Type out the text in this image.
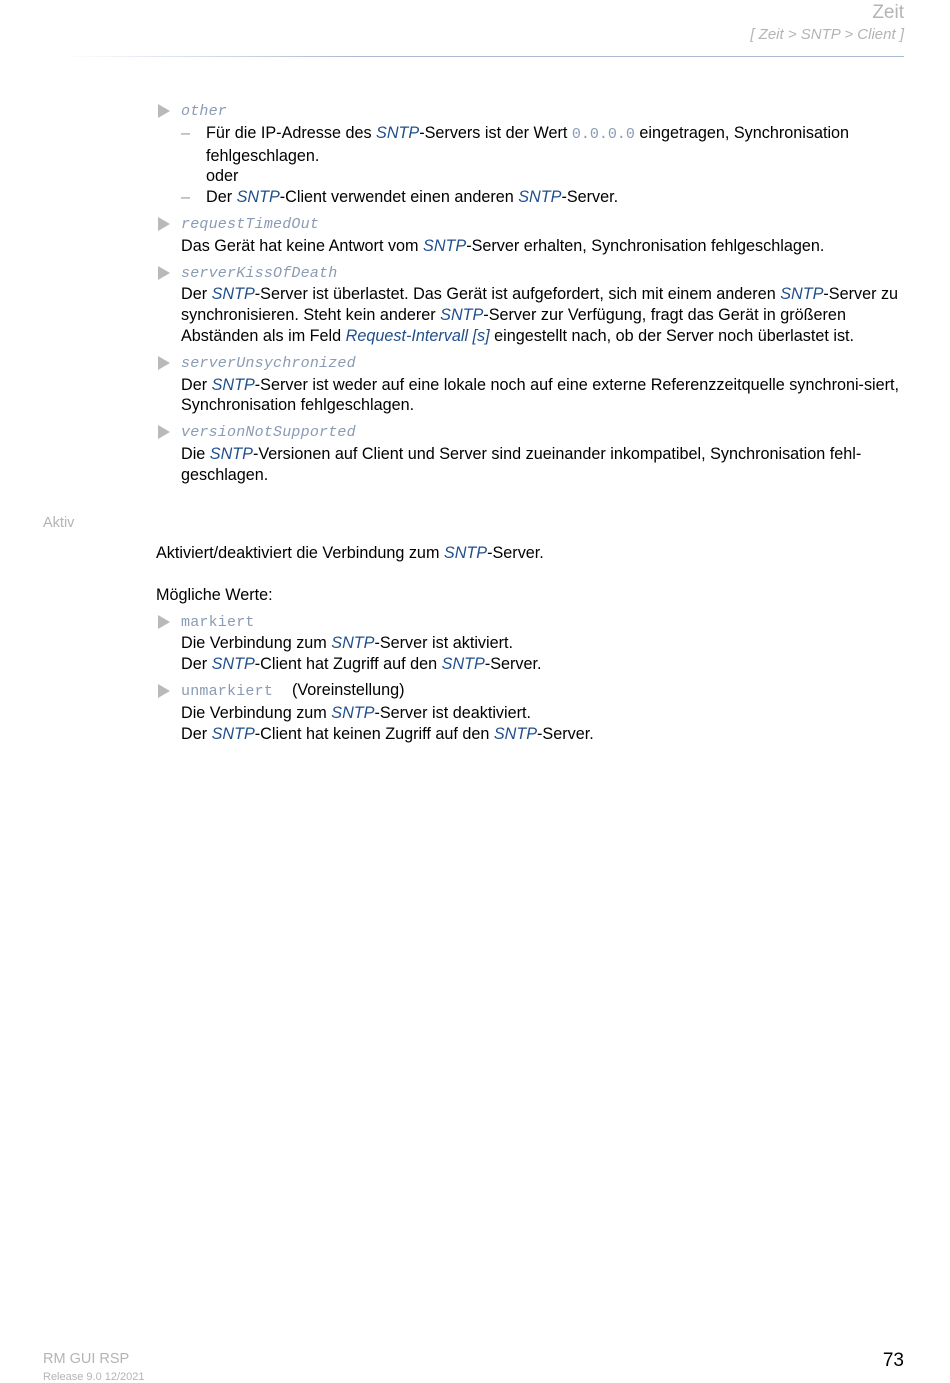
Zeit
[ Zeit > SNTP > Client ]
other
– Für die IP-Adresse des SNTP-Servers ist der Wert 0.0.0.0 eingetragen, Synchronisation fehlgeschlagen.
oder
– Der SNTP-Client verwendet einen anderen SNTP-Server.
requestTimedOut
Das Gerät hat keine Antwort vom SNTP-Server erhalten, Synchronisation fehlgeschlagen.
serverKissOfDeath
Der SNTP-Server ist überlastet. Das Gerät ist aufgefordert, sich mit einem anderen SNTP-Server zu synchronisieren. Steht kein anderer SNTP-Server zur Verfügung, fragt das Gerät in größeren Abständen als im Feld Request-Intervall [s] eingestellt nach, ob der Server noch überlastet ist.
serverUnsychronized
Der SNTP-Server ist weder auf eine lokale noch auf eine externe Referenzzeitquelle synchroni-siert, Synchronisation fehlgeschlagen.
versionNotSupported
Die SNTP-Versionen auf Client und Server sind zueinander inkompatibel, Synchronisation fehl-geschlagen.
Aktiv

Aktiviert/deaktiviert die Verbindung zum SNTP-Server.

Mögliche Werte:

markiert
Die Verbindung zum SNTP-Server ist aktiviert.
Der SNTP-Client hat Zugriff auf den SNTP-Server.
unmarkiert (Voreinstellung)
Die Verbindung zum SNTP-Server ist deaktiviert.
Der SNTP-Client hat keinen Zugriff auf den SNTP-Server.
RM GUI RSP
Release 9.0 12/2021
73
